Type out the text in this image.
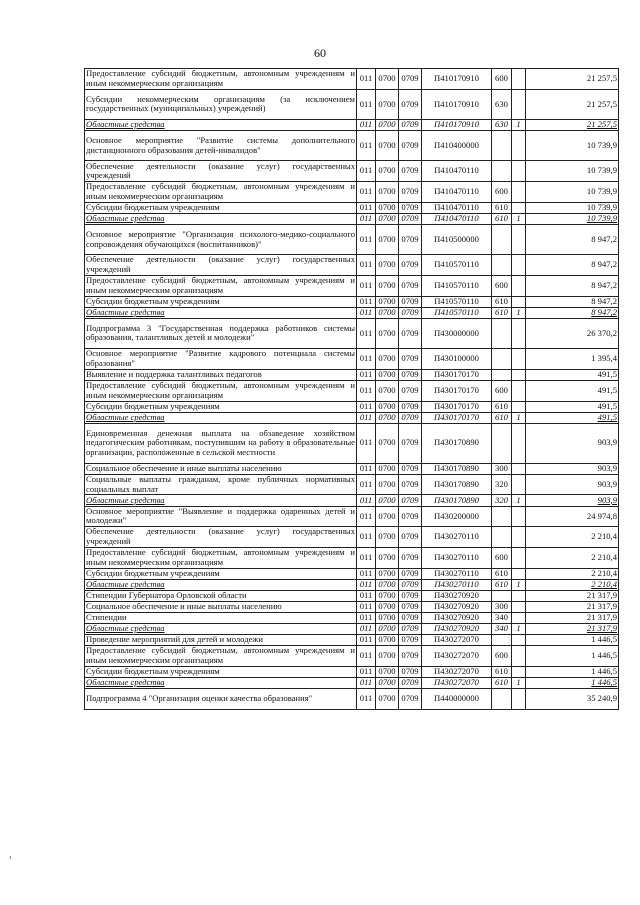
60
Предоставление субсидий бюджетным, автономным учреждениям и иным некоммерческим организациям	011	0700	0709	П410170910	600		21 257,5
Субсидии некоммерческим организациям (за исключением государственных (муниципальных) учреждений)	011	0700	0709	П410170910	630		21 257,5
Областные средства	011	0700	0709	П410170910	630	1	21 257,5
Основное мероприятие "Развитие системы дополнительного дистанционного образования детей-инвалидов"	011	0700	0709	П410400000			10 739,9
Обеспечение деятельности (оказание услуг) государственных учреждений	011	0700	0709	П410470110			10 739,9
Предоставление субсидий бюджетным, автономным учреждениям и иным некоммерческим организациям	011	0700	0709	П410470110	600		10 739,9
Субсидии бюджетным учреждениям	011	0700	0709	П410470110	610		10 739,9
Областные средства	011	0700	0709	П410470110	610	1	10 739,9
Основное мероприятие "Организация психолого-медико-социального сопровождения обучающихся (воспитанников)"	011	0700	0709	П410500000			8 947,2
Обеспечение деятельности (оказание услуг) государственных учреждений	011	0700	0709	П410570110			8 947,2
Предоставление субсидий бюджетным, автономным учреждениям и иным некоммерческим организациям	011	0700	0709	П410570110	600		8 947,2
Субсидии бюджетным учреждениям	011	0700	0709	П410570110	610		8 947,2
Областные средства	011	0700	0709	П410570110	610	1	8 947,2
Подпрограмма 3 "Государственная поддержка работников системы образования, талантливых детей и молодежи"	011	0700	0709	П430000000			26 370,2
Основное мероприятие "Развитие кадрового потенциала системы образования"	011	0700	0709	П430100000			1 395,4
Выявление и поддержка талантливых педагогов	011	0700	0709	П430170170			491,5
Предоставление субсидий бюджетным, автономным учреждениям и иным некоммерческим организациям	011	0700	0709	П430170170	600		491,5
Субсидии бюджетным учреждениям	011	0700	0709	П430170170	610		491,5
Областные средства	011	0700	0709	П430170170	610	1	491,5
Единовременная денежная выплата на обзаведение хозяйством педагогическим работникам, поступившим на работу в образовательные организации, расположенные в сельской местности	011	0700	0709	П430170890			903,9
Социальное обеспечение и иные выплаты населению	011	0700	0709	П430170890	300		903,9
Социальные выплаты гражданам, кроме публичных нормативных социальных выплат	011	0700	0709	П430170890	320		903,9
Областные средства	011	0700	0709	П430170890	320	1	903,9
Основное мероприятие "Выявление и поддержка одаренных детей и молодежи"	011	0700	0709	П430200000			24 974,8
Обеспечение деятельности (оказание услуг) государственных учреждений	011	0700	0709	П430270110			2 210,4
Предоставление субсидий бюджетным, автономным учреждениям и иным некоммерческим организациям	011	0700	0709	П430270110	600		2 210,4
Субсидии бюджетным учреждениям	011	0700	0709	П430270110	610		2 210,4
Областные средства	011	0700	0709	П430270110	610	1	2 210,4
Стипендии Губернатора Орловской области	011	0700	0709	П430270920			21 317,9
Социальное обеспечение и иные выплаты населению	011	0700	0709	П430270920	300		21 317,9
Стипендии	011	0700	0709	П430270920	340		21 317,9
Областные средства	011	0700	0709	П430270920	340	1	21 317,9
Проведение мероприятий для детей и молодежи	011	0700	0709	П430272070			1 446,5
Предоставление субсидий бюджетным, автономным учреждениям и иным некоммерческим организациям	011	0700	0709	П430272070	600		1 446,5
Субсидии бюджетным учреждениям	011	0700	0709	П430272070	610		1 446,5
Областные средства	011	0700	0709	П430272070	610	1	1 446,5
Подпрограмма 4 "Организация оценки качества образования"	011	0700	0709	П440000000			35 240,9
